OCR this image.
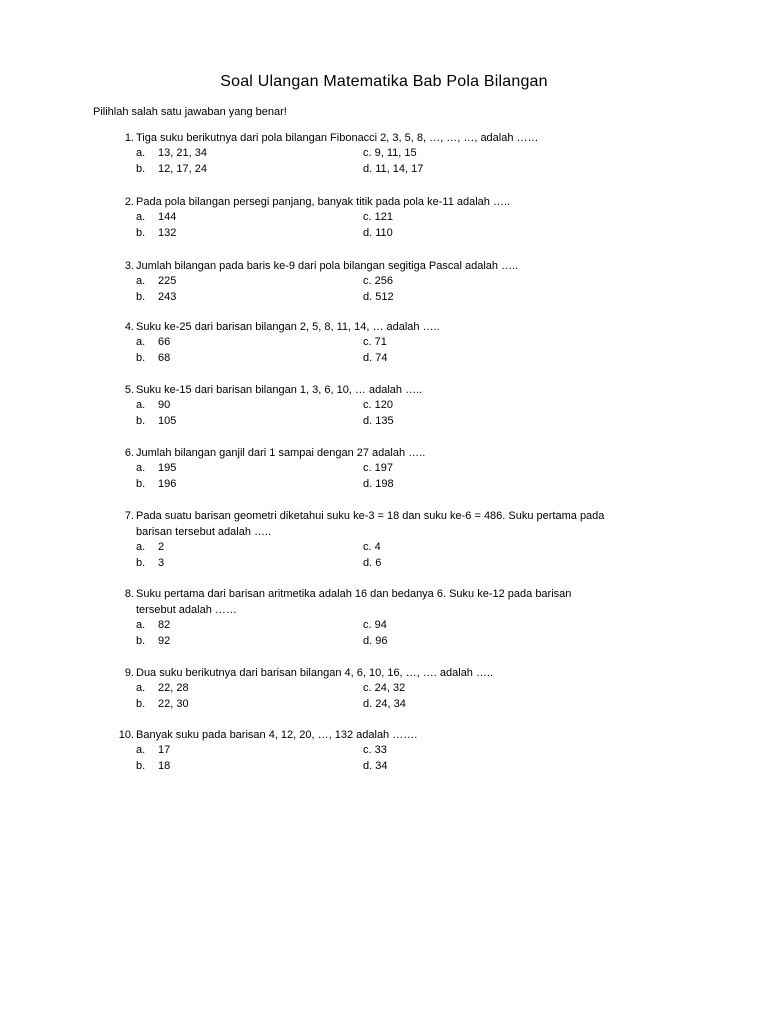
Soal Ulangan Matematika Bab Pola Bilangan
Pilihlah salah satu jawaban yang benar!
1. Tiga suku berikutnya dari pola bilangan Fibonacci 2, 3, 5, 8, …, …, …, adalah ……
a. 13, 21, 34	c. 9, 11, 15
b. 12, 17, 24	d. 11, 14, 17
2. Pada pola bilangan persegi panjang, banyak titik pada pola ke-11 adalah …..
a. 144	c. 121
b. 132	d. 110
3. Jumlah bilangan pada baris ke-9 dari pola bilangan segitiga Pascal adalah …..
a. 225	c. 256
b. 243	d. 512
4. Suku ke-25 dari barisan bilangan 2, 5, 8, 11, 14, … adalah …..
a. 66	c. 71
b. 68	d. 74
5. Suku ke-15 dari barisan bilangan 1, 3, 6, 10, … adalah …..
a. 90	c. 120
b. 105	d. 135
6. Jumlah bilangan ganjil dari 1 sampai dengan 27 adalah …..
a. 195	c. 197
b. 196	d. 198
7. Pada suatu barisan geometri diketahui suku ke-3 = 18 dan suku ke-6 = 486. Suku pertama pada
barisan tersebut adalah …..
a. 2	c. 4
b. 3	d. 6
8. Suku pertama dari barisan aritmetika adalah 16 dan bedanya 6. Suku ke-12 pada barisan
tersebut adalah ……
a. 82	c. 94
b. 92	d. 96
9. Dua suku berikutnya dari barisan bilangan 4, 6, 10, 16, …, …. adalah …..
a. 22, 28	c. 24, 32
b. 22, 30	d. 24, 34
10. Banyak suku pada barisan 4, 12, 20, …, 132 adalah …….
a. 17	c. 33
b. 18	d. 34
